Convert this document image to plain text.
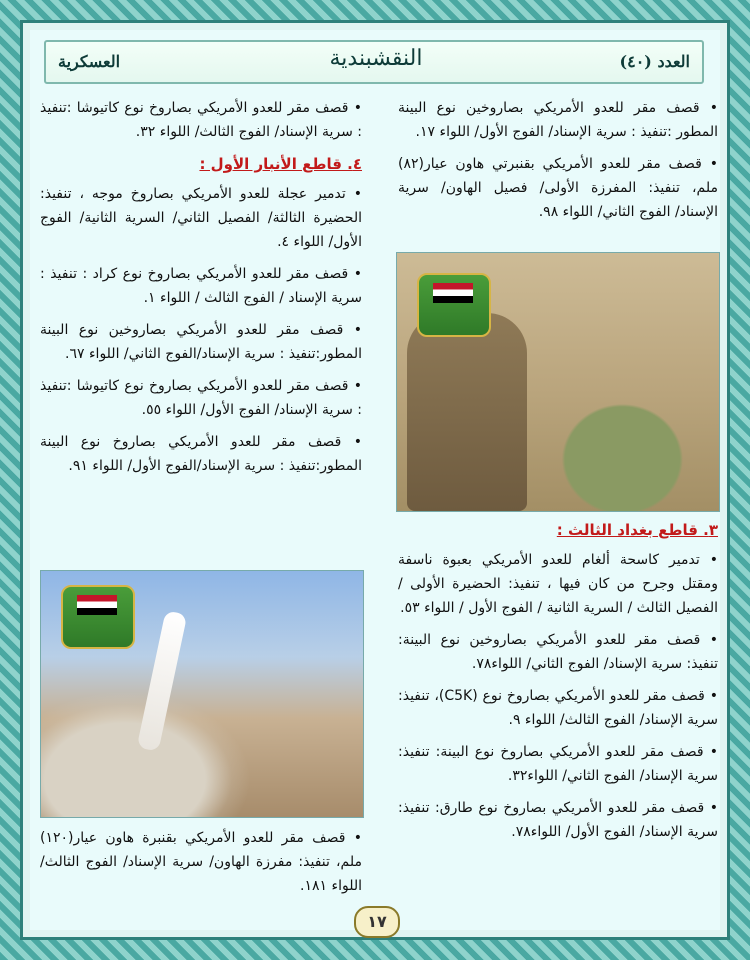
العسكرية	النقشبندية	العدد (٤٠)

• قصف مقر للعدو الأمريكي بصاروخين نوع البينة المطور :تنفيذ : سرية الإسناد/ الفوج الأول/ اللواء ١٧.

• قصف مقر للعدو الأمريكي بقنبرتي هاون عيار(٨٢) ملم، تنفيذ: المفرزة الأولى/ فصيل الهاون/ سرية الإسناد/ الفوج الثاني/ اللواء ٩٨.

٣. قاطع بغداد الثالث :

• تدمير كاسحة ألغام للعدو الأمريكي بعبوة ناسفة ومقتل وجرح من كان فيها ، تنفيذ: الحضيرة الأولى / الفصيل الثالث / السرية الثانية / الفوج الأول / اللواء ٥٣.

• قصف مقر للعدو الأمريكي بصاروخين نوع البينة: تنفيذ: سرية الإسناد/ الفوج الثاني/ اللواء٧٨.

• قصف مقر للعدو الأمريكي بصاروخ نوع (C5K)، تنفيذ: سرية الإسناد/ الفوج الثالث/ اللواء ٩.

• قصف مقر للعدو الأمريكي بصاروخ نوع البينة: تنفيذ: سرية الإسناد/ الفوج الثاني/ اللواء٣٢.

• قصف مقر للعدو الأمريكي بصاروخ نوع طارق: تنفيذ: سرية الإسناد/ الفوج الأول/ اللواء٧٨.

• قصف مقر للعدو الأمريكي بصاروخ نوع كاتيوشا :تنفيذ : سرية الإسناد/ الفوج الثالث/ اللواء ٣٢.

٤. قاطع الأنبار الأول :

• تدمير عجلة للعدو الأمريكي بصاروخ موجه ، تنفيذ: الحضيرة الثالثة/ الفصيل الثاني/ السرية الثانية/ الفوج الأول/ اللواء ٤.

• قصف مقر للعدو الأمريكي بصاروخ نوع كراد : تنفيذ : سرية الإسناد / الفوج الثالث / اللواء ١.

• قصف مقر للعدو الأمريكي بصاروخين نوع البينة المطور:تنفيذ : سرية الإسناد/الفوج الثاني/ اللواء ٦٧.

• قصف مقر للعدو الأمريكي بصاروخ نوع كاتيوشا :تنفيذ : سرية الإسناد/ الفوج الأول/ اللواء ٥٥.

• قصف مقر للعدو الأمريكي بصاروخ نوع البينة المطور:تنفيذ : سرية الإسناد/الفوج الأول/ اللواء ٩١.

• قصف مقر للعدو الأمريكي بقنبرة هاون عيار(١٢٠) ملم، تنفيذ: مفرزة الهاون/ سرية الإسناد/ الفوج الثالث/ اللواء ١٨١.

١٧
